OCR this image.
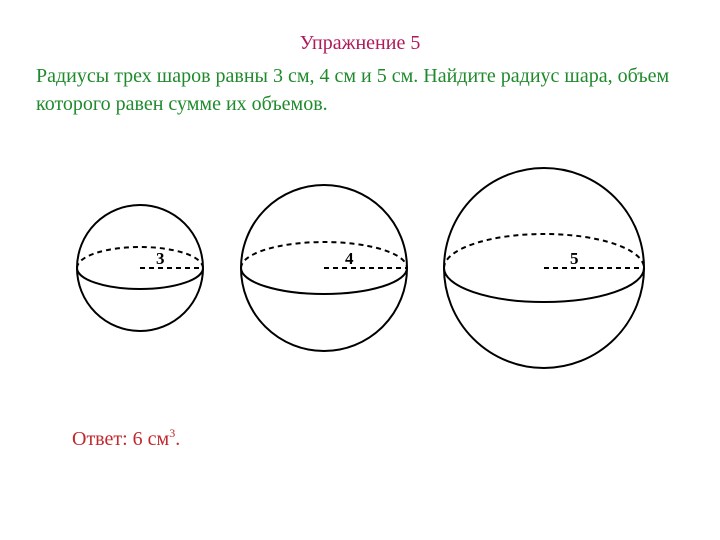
Упражнение 5
Радиусы трех шаров равны 3 см, 4 см и 5 см. Найдите радиус шара, объем которого равен сумме их объемов.
3	4	5
Ответ: 6 $см^3$.
